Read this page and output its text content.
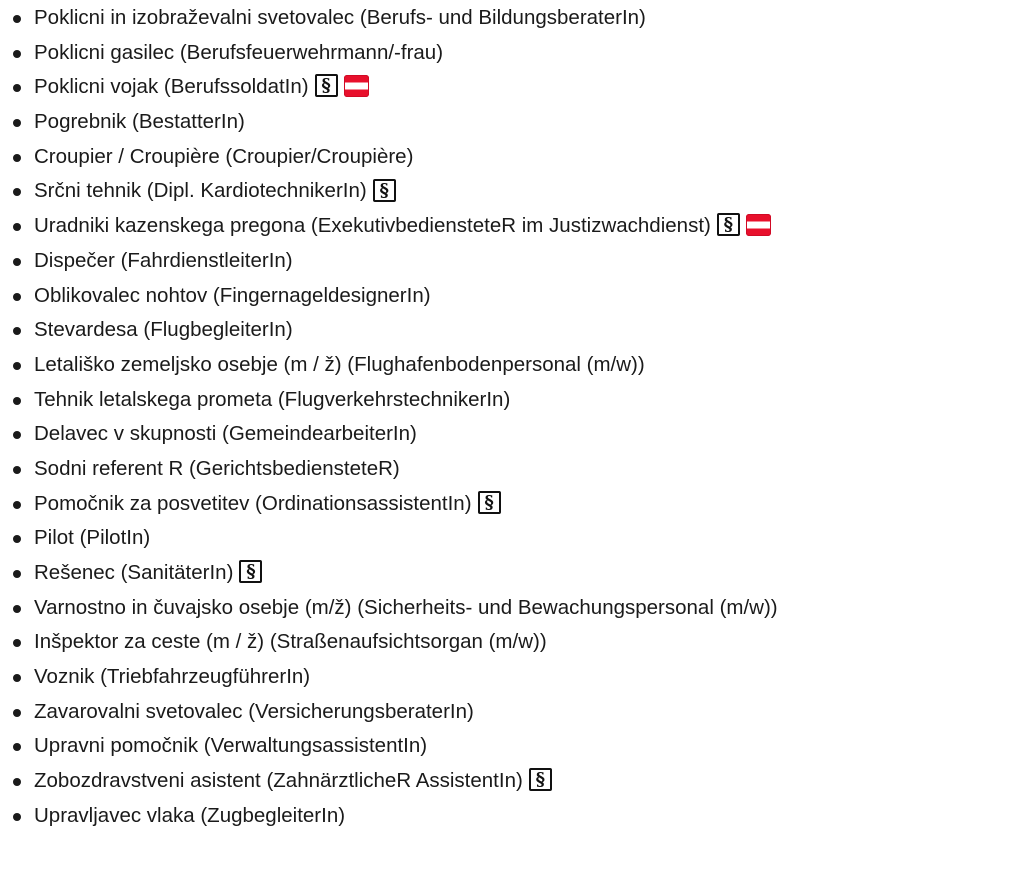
Poklicni in izobraževalni svetovalec (Berufs- und BildungsberaterIn)
Poklicni gasilec (Berufsfeuerwehrmann/-frau)
Poklicni vojak (BerufssoldatIn) §
Pogrebnik (BestatterIn)
Croupier / Croupière (Croupier/Croupière)
Srčni tehnik (Dipl. KardiotechnikerIn) §
Uradniki kazenskega pregona (ExekutivbediensteteR im Justizwachdienst) §
Dispečer (FahrdienstleiterIn)
Oblikovalec nohtov (FingernageldesignerIn)
Stevardesa (FlugbegleiterIn)
Letališko zemeljsko osebje (m / ž) (Flughafenbodenpersonal (m/w))
Tehnik letalskega prometa (FlugverkehrstechnikerIn)
Delavec v skupnosti (GemeindearbeiterIn)
Sodni referent R (GerichtsbediensteteR)
Pomočnik za posvetitev (OrdinationsassistentIn) §
Pilot (PilotIn)
Rešenec (SanitäterIn) §
Varnostno in čuvajsko osebje (m/ž) (Sicherheits- und Bewachungspersonal (m/w))
Inšpektor za ceste (m / ž) (Straßenaufsichtsorgan (m/w))
Voznik (TriebfahrzeugführerIn)
Zavarovalni svetovalec (VersicherungsberaterIn)
Upravni pomočnik (VerwaltungsassistentIn)
Zobozdravstveni asistent (ZahnärztlicheR AssistentIn) §
Upravljavec vlaka (ZugbegleiterIn)
